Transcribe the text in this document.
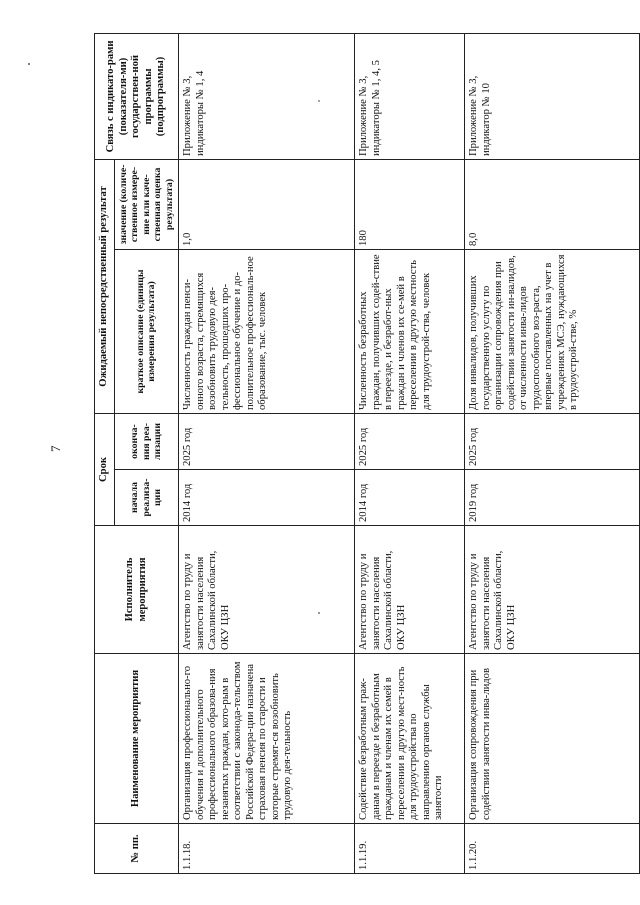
7
№ пп.	Наименование мероприятия	Исполнитель мероприятия	Срок		Ожидаемый непосредственный результат		Связь с индикато-рами (показателя-ми) государствен-ной программы (подпрограммы)
			начала реализа-ции	оконча-ния реа-лизации	краткое описание (единицы измерения результата)	значение (количе-ственное измере-ние или каче-ственная оценка результата)	
1.1.18.	Организация профессионально-го обучения и дополнительного профессионального образова-ния незанятых граждан, кото-рым в соответствии с законода-тельством Российской Федера-ции назначена страховая пенсия по старости и которые стремят-ся возобновить трудовую дея-тельность	Агентство по труду и занятости населения Сахалинской области, ОКУ ЦЗН	2014 год	2025 год	Численность граждан пенси-онного возраста, стремящихся возобновить трудовую дея-тельность, прошедших про-фессиональное обучение и до-полнительное профессиональ-ное образование, тыс. человек	1,0	Приложение № 3, индикаторы № 1, 4
1.1.19.	Содействие безработным граж-данам в переезде и безработным гражданам и членам их семей в переселении в другую мест-ность для трудоустройства по направлению органов службы занятости	Агентство по труду и занятости населения Сахалинской области, ОКУ ЦЗН	2014 год	2025 год	Численность безработных граждан, получивших содей-ствие в переезде, и безработ-ных граждан и членов их се-мей в переселении в другую местность для трудоустрой-ства, человек	180	Приложение № 3, индикаторы № 1, 4, 5
1.1.20.	Организация сопровождения при содействии занятости инва-лидов	Агентство по труду и занятости населения Сахалинской области, ОКУ ЦЗН	2019 год	2025 год	Доля инвалидов, получивших государственную услугу по организации сопровождения при содействии занятости ин-валидов, от численности инва-лидов трудоспособного воз-раста, впервые поставленных на учет в учреждениях МСЭ, нуждающихся в трудоустрой-стве, %	8,0	Приложение № 3, индикатор № 10
